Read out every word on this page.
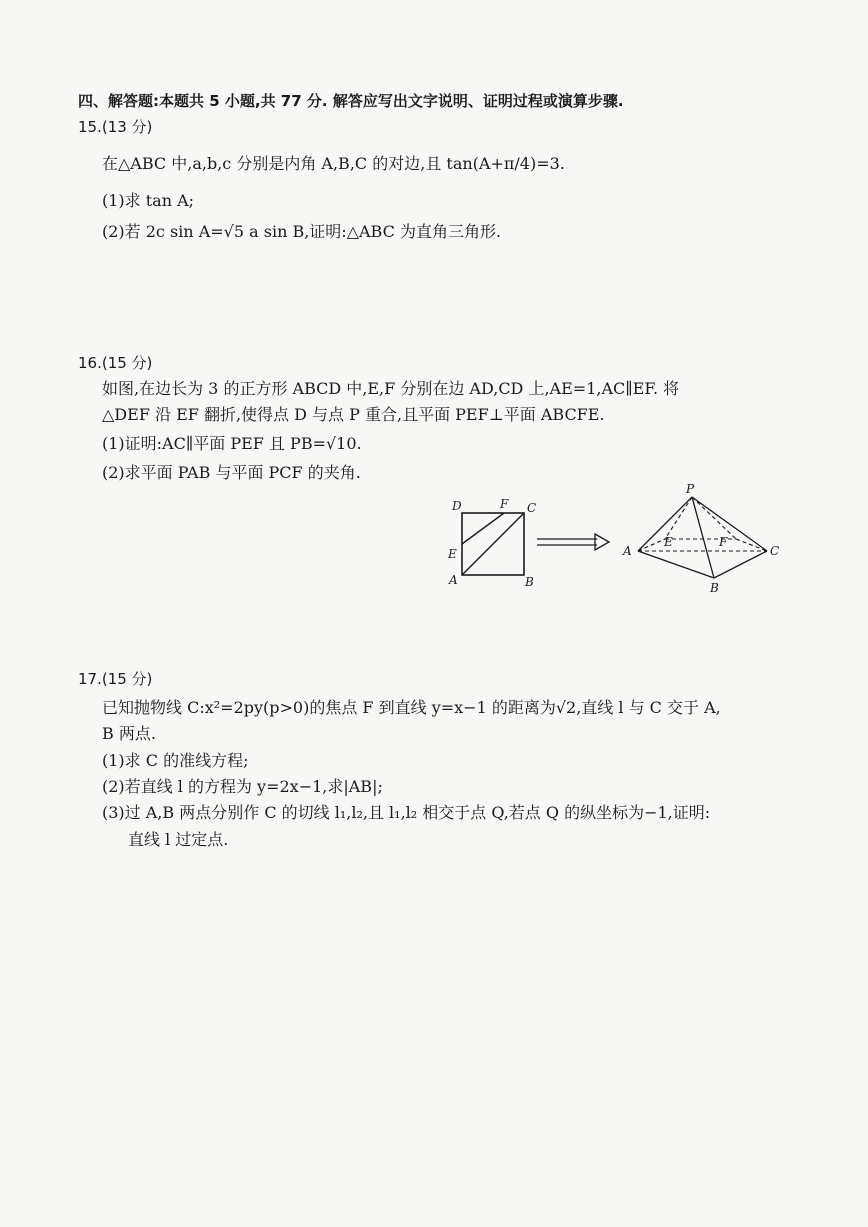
四、解答题:本题共 5 小题,共 77 分. 解答应写出文字说明、证明过程或演算步骤.
15.(13 分)
在△ABC 中,a,b,c 分别是内角 A,B,C 的对边,且 tan(A+π/4)=3.
(1)求 tan A;
(2)若 2c sin A=√5 a sin B,证明:△ABC 为直角三角形.
16.(15 分)
如图,在边长为 3 的正方形 ABCD 中,E,F 分别在边 AD,CD 上,AE=1,AC∥EF. 将
△DEF 沿 EF 翻折,使得点 D 与点 P 重合,且平面 PEF⊥平面 ABCFE.
(1)证明:AC∥平面 PEF 且 PB=√10.
(2)求平面 PAB 与平面 PCF 的夹角.
D	F C
E
A	B
P
A
E	F
C
B
17.(15 分)
已知抛物线 C:x²=2py(p>0)的焦点 F 到直线 y=x−1 的距离为√2,直线 l 与 C 交于 A,
B 两点.
(1)求 C 的准线方程;
(2)若直线 l 的方程为 y=2x−1,求|AB|;
(3)过 A,B 两点分别作 C 的切线 l₁,l₂,且 l₁,l₂ 相交于点 Q,若点 Q 的纵坐标为−1,证明:
直线 l 过定点.
